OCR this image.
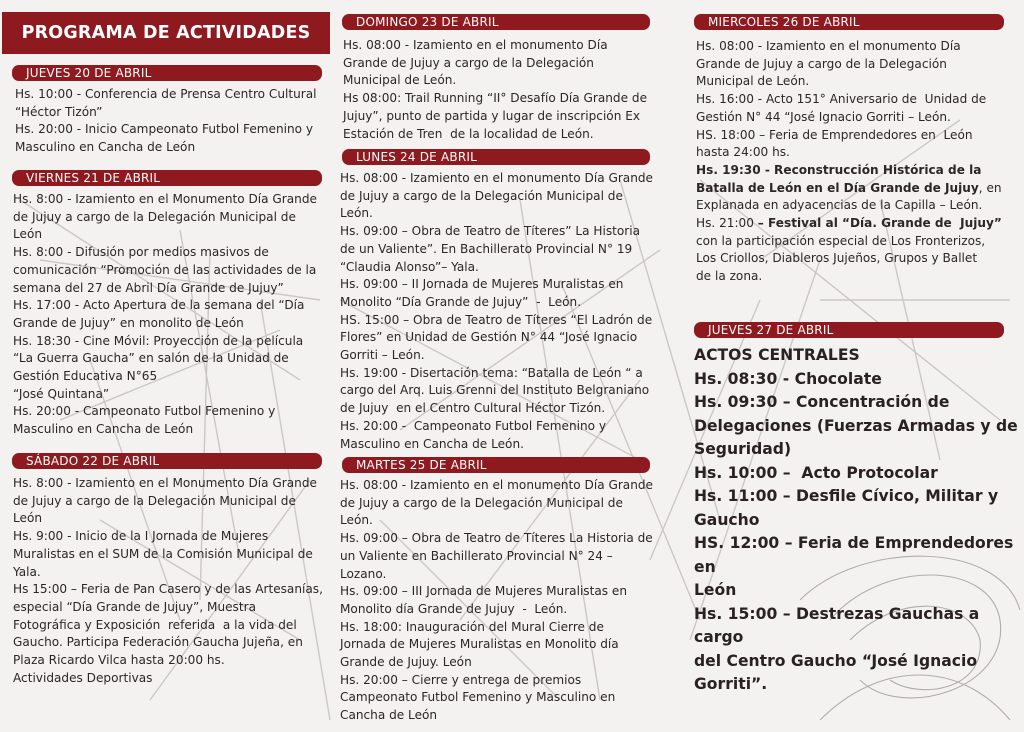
PROGRAMA DE ACTIVIDADES
JUEVES 20 DE ABRIL

Hs. 10:00 - Conferencia de Prensa Centro Cultural
“Héctor Tizón”
Hs. 20:00 - Inicio Campeonato Futbol Femenino y
Masculino en Cancha de León

VIERNES 21 DE ABRIL

Hs. 8:00 - Izamiento en el Monumento Día Grande
de Jujuy a cargo de la Delegación Municipal de
León
Hs. 8:00 - Difusión por medios masivos de
comunicación “Promoción de las actividades de la
semana del 27 de Abril Día Grande de Jujuy”
Hs. 17:00 - Acto Apertura de la semana del “Día
Grande de Jujuy” en monolito de León
Hs. 18:30 - Cine Móvil: Proyección de la película
“La Guerra Gaucha” en salón de la Unidad de
Gestión Educativa N°65
“José Quintana”
Hs. 20:00 - Campeonato Futbol Femenino y
Masculino en Cancha de León

SÁBADO 22 DE ABRIL

Hs. 8:00 - Izamiento en el Monumento Día Grande
de Jujuy a cargo de la Delegación Municipal de
León
Hs. 9:00 - Inicio de la I Jornada de Mujeres
Muralistas en el SUM de la Comisión Municipal de
Yala.
Hs 15:00 – Feria de Pan Casero y de las Artesanías,
especial “Día Grande de Jujuy”, Muestra
Fotográfica y Exposición  referida  a la vida del
Gaucho. Participa Federación Gaucha Jujeña, en
Plaza Ricardo Vilca hasta 20:00 hs.
Actividades Deportivas

DOMINGO 23 DE ABRIL

Hs. 08:00 - Izamiento en el monumento Día
Grande de Jujuy a cargo de la Delegación
Municipal de León.
Hs 08:00: Trail Running “II° Desafío Día Grande de
Jujuy”, punto de partida y lugar de inscripción Ex
Estación de Tren  de la localidad de León.

LUNES 24 DE ABRIL

Hs. 08:00 - Izamiento en el monumento Día Grande
de Jujuy a cargo de la Delegación Municipal de
León.
Hs. 09:00 – Obra de Teatro de Títeres” La Historia
de un Valiente”. En Bachillerato Provincial N° 19
“Claudia Alonso”– Yala.
Hs. 09:00 – II Jornada de Mujeres Muralistas en
Monolito “Día Grande de Jujuy”  -  León.
HS. 15:00 – Obra de Teatro de Títeres “El Ladrón de
Flores” en Unidad de Gestión N° 44 “José Ignacio
Gorriti – León.
Hs. 19:00 - Disertación tema: “Batalla de León “ a
cargo del Arq. Luis Grenni del Instituto Belgraniano
de Jujuy  en el Centro Cultural Héctor Tizón.
Hs. 20:00 -  Campeonato Futbol Femenino y
Masculino en Cancha de León.

MARTES 25 DE ABRIL

Hs. 08:00 - Izamiento en el monumento Día Grande
de Jujuy a cargo de la Delegación Municipal de
León.
Hs. 09:00 – Obra de Teatro de Títeres La Historia de
un Valiente en Bachillerato Provincial N° 24 –
Lozano.
Hs. 09:00 – III Jornada de Mujeres Muralistas en
Monolito día Grande de Jujuy  -  León.
Hs. 18:00: Inauguración del Mural Cierre de
Jornada de Mujeres Muralistas en Monolito día
Grande de Jujuy. León
Hs. 20:00 – Cierre y entrega de premios
Campeonato Futbol Femenino y Masculino en
Cancha de León

MIERCOLES 26 DE ABRIL

Hs. 08:00 - Izamiento en el monumento Día
Grande de Jujuy a cargo de la Delegación
Municipal de León.
Hs. 16:00 - Acto 151° Aniversario de  Unidad de
Gestión N° 44 “José Ignacio Gorriti – León.
HS. 18:00 – Feria de Emprendedores en  León
hasta 24:00 hs.
Hs. 19:30 - Reconstrucción Histórica de la
Batalla de León en el Día Grande de Jujuy, en
Explanada en adyacencias de la Capilla – León.
Hs. 21:00 – Festival al “Día. Grande de  Jujuy”
con la participación especial de Los Fronterizos,
Los Criollos, Diableros Jujeños, Grupos y Ballet
de la zona.

JUEVES 27 DE ABRIL

ACTOS CENTRALES
Hs. 08:30 - Chocolate
Hs. 09:30 – Concentración de
Delegaciones (Fuerzas Armadas y de
Seguridad)
Hs. 10:00 –  Acto Protocolar
Hs. 11:00 – Desfile Cívico, Militar y
Gaucho
HS. 12:00 – Feria de Emprendedores en
León
Hs. 15:00 – Destrezas Gauchas a cargo
del Centro Gaucho “José Ignacio
Gorriti”.
